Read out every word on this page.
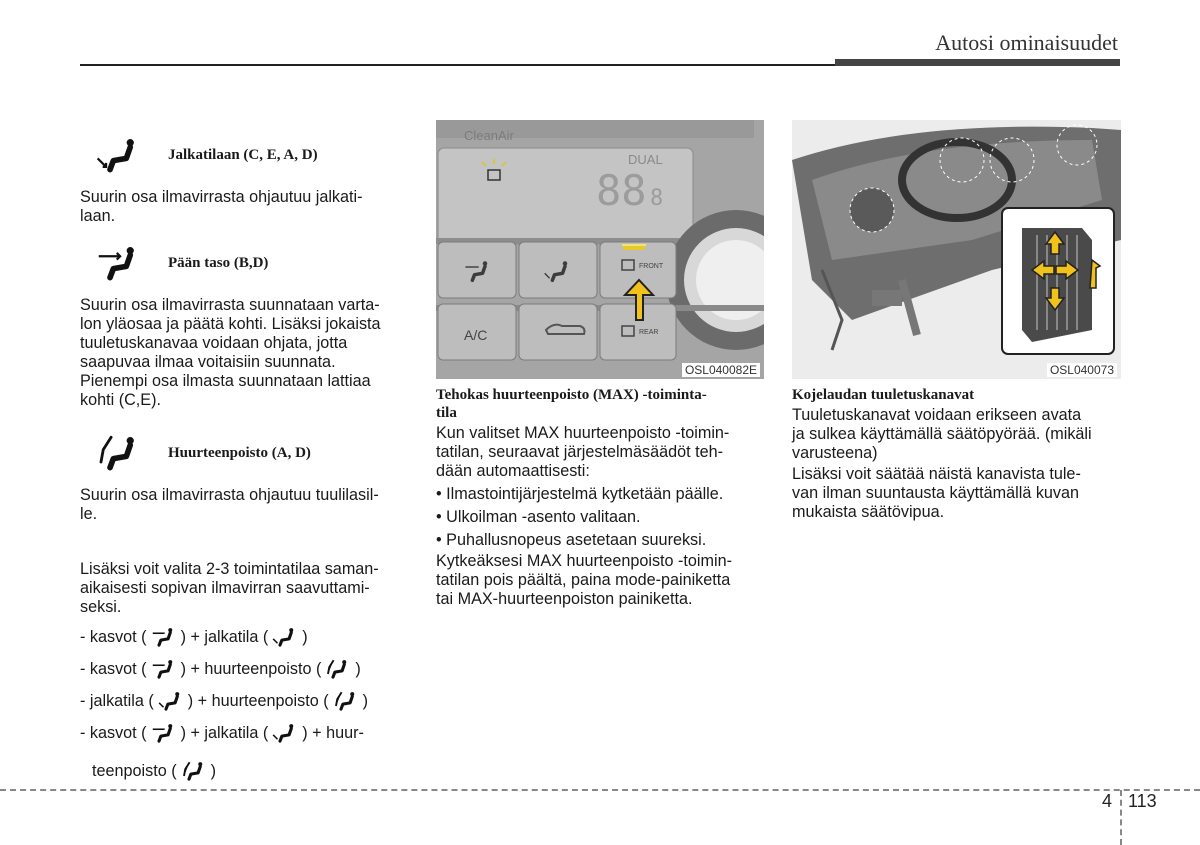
Autosi ominaisuudet
Jalkatilaan (C, E, A, D)

Suurin osa ilmavirrasta ohjautuu jalkati-
laan.

Pään taso (B,D)

Suurin osa ilmavirrasta suunnataan varta-
lon yläosaa ja päätä kohti. Lisäksi jokaista
tuuletuskanavaa voidaan ohjata, jotta
saapuvaa ilmaa voitaisiin suunnata.

Pienempi osa ilmasta suunnataan lattiaa
kohti (C,E).

Huurteenpoisto (A, D)

Suurin osa ilmavirrasta ohjautuu tuulilasil-
le.

Lisäksi voit valita 2-3 toimintatilaa saman-
aikaisesti sopivan ilmavirran saavuttami-
seksi.

- kasvot ( ) + jalkatila ( )
- kasvot ( ) + huurteenpoisto ( )
- jalkatila ( ) + huurteenpoisto ( )
- kasvot ( ) + jalkatila ( ) + huur-
teenpoisto ( )
CleanAir
DUAL
88 8
FRONT
A/C	REAR
OSL040082E

Tehokas huurteenpoisto (MAX) -toiminta-
tila

Kun valitset MAX huurteenpoisto -toimin-
tatilan, seuraavat järjestelmäsäädöt teh-
dään automaattisesti:

• Ilmastointijärjestelmä kytketään päälle.

• Ulkoilman -asento valitaan.

• Puhallusnopeus asetetaan suureksi.

Kytkeäksesi MAX huurteenpoisto -toimin-
tatilan pois päältä, paina mode-painiketta
tai MAX-huurteenpoiston painiketta.

OSL040073

Kojelaudan tuuletuskanavat

Tuuletuskanavat voidaan erikseen avata
ja sulkea käyttämällä säätöpyörää. (mikäli
varusteena)

Lisäksi voit säätää näistä kanavista tule-
van ilman suuntausta käyttämällä kuvan
mukaista säätövipua.

4 113
